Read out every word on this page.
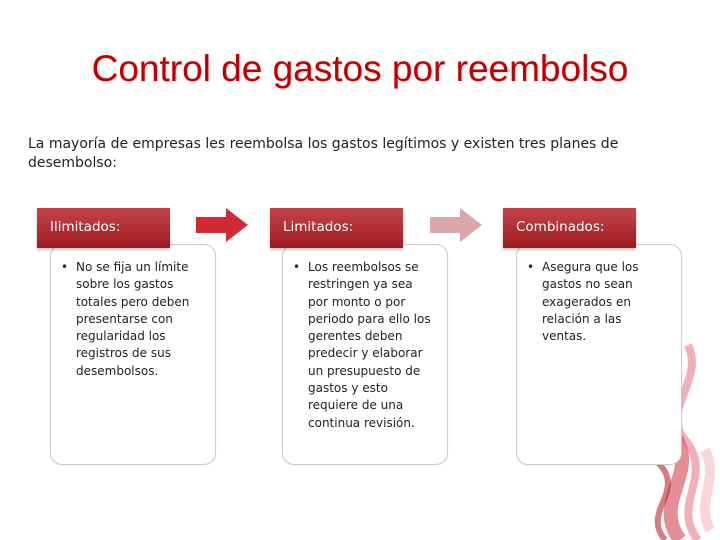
Control de gastos por reembolso
La mayoría de empresas les reembolsa los gastos legítimos y existen tres planes de desembolso:
• No se fija un límite sobre los gastos totales pero deben presentarse con regularidad los registros de sus desembolsos.
Ilimitados:
• Los reembolsos se restringen ya sea por monto o por periodo para ello los gerentes deben predecir y elaborar un presupuesto de gastos y esto requiere de una continua revisión.
Limitados:
• Asegura que los gastos no sean exagerados en relación a las ventas.
Combinados:
